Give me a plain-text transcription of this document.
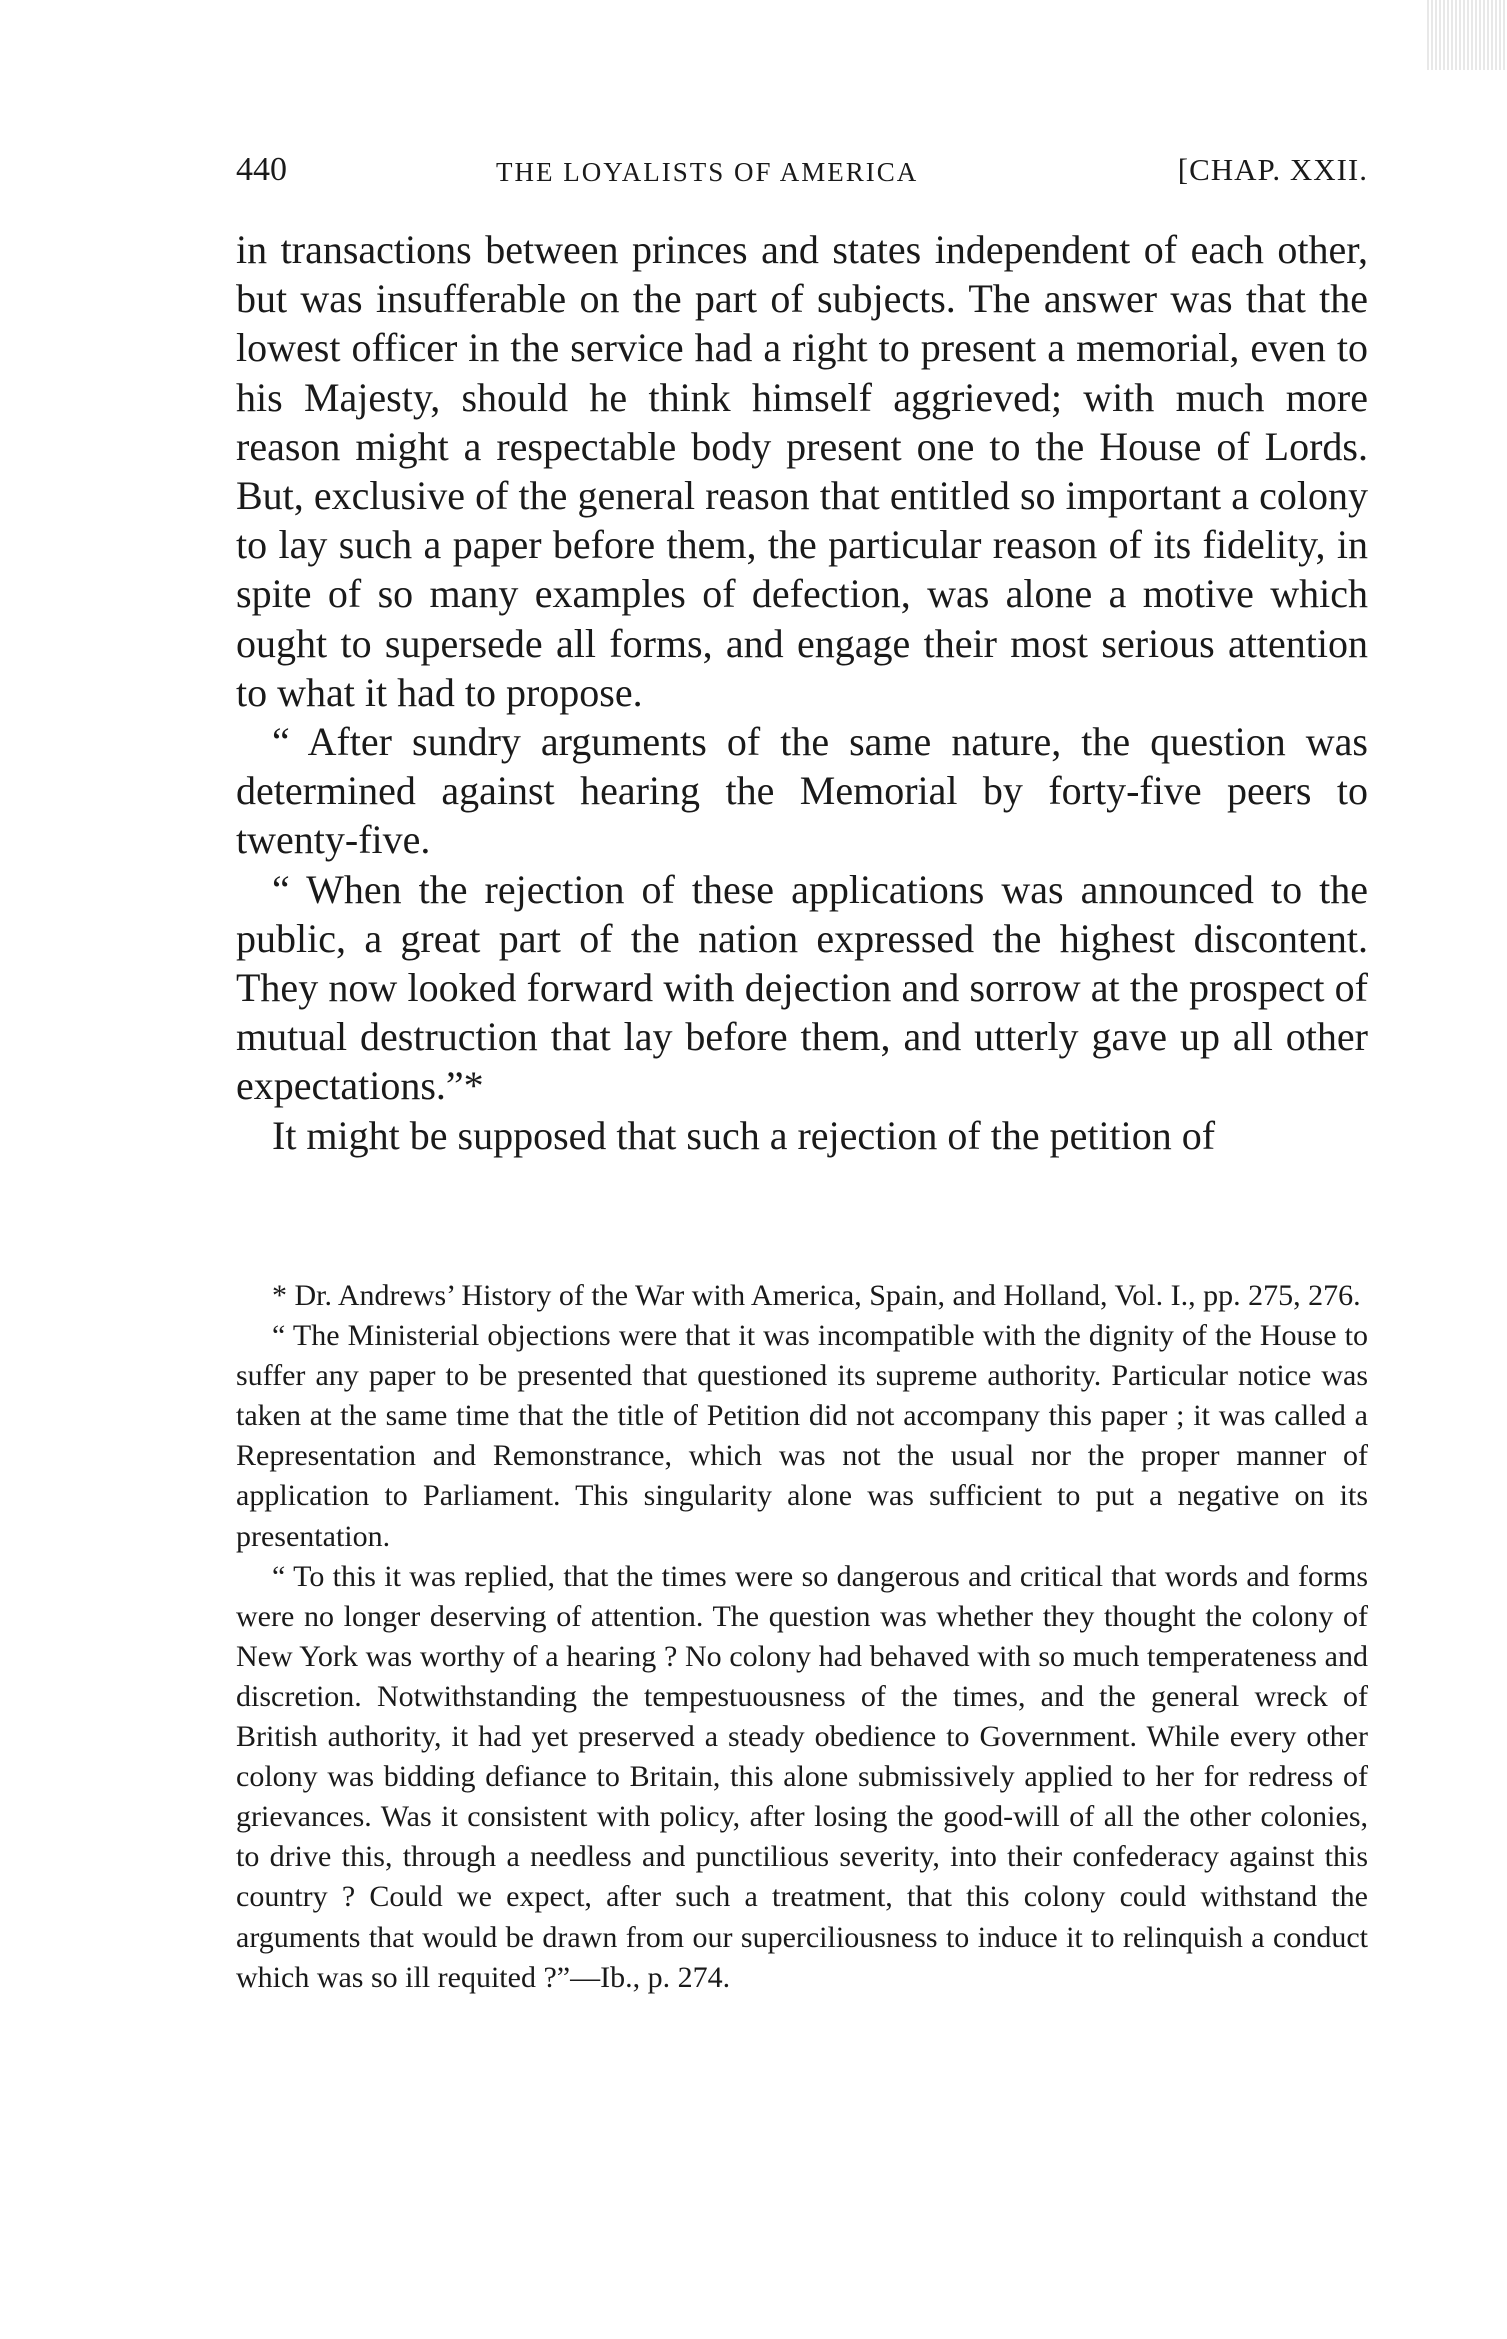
440	THE LOYALISTS OF AMERICA	[CHAP. XXII.

in transactions between princes and states independent of each other, but was insufferable on the part of subjects. The answer was that the lowest officer in the service had a right to present a memorial, even to his Majesty, should he think himself aggrieved; with much more reason might a respectable body present one to the House of Lords. But, exclusive of the general reason that entitled so important a colony to lay such a paper before them, the particular reason of its fidelity, in spite of so many examples of defection, was alone a motive which ought to supersede all forms, and engage their most serious attention to what it had to propose.

“ After sundry arguments of the same nature, the question was determined against hearing the Memorial by forty-five peers to twenty-five.

“ When the rejection of these applications was announced to the public, a great part of the nation expressed the highest discontent. They now looked forward with dejection and sorrow at the prospect of mutual destruction that lay before them, and utterly gave up all other expectations.”*

It might be supposed that such a rejection of the petition of

* Dr. Andrews’ History of the War with America, Spain, and Holland, Vol. I., pp. 275, 276.

“ The Ministerial objections were that it was incompatible with the dignity of the House to suffer any paper to be presented that questioned its supreme authority. Particular notice was taken at the same time that the title of Petition did not accompany this paper ; it was called a Representation and Remonstrance, which was not the usual nor the proper manner of application to Parliament. This singularity alone was sufficient to put a negative on its presentation.

“ To this it was replied, that the times were so dangerous and critical that words and forms were no longer deserving of attention. The question was whether they thought the colony of New York was worthy of a hearing ? No colony had behaved with so much temperateness and discretion. Notwithstanding the tempestuousness of the times, and the general wreck of British authority, it had yet preserved a steady obedience to Government. While every other colony was bidding defiance to Britain, this alone submissively applied to her for redress of grievances. Was it consistent with policy, after losing the good-will of all the other colonies, to drive this, through a needless and punctilious severity, into their confederacy against this country ? Could we expect, after such a treatment, that this colony could withstand the arguments that would be drawn from our superciliousness to induce it to relinquish a conduct which was so ill requited ?”—Ib., p. 274.
